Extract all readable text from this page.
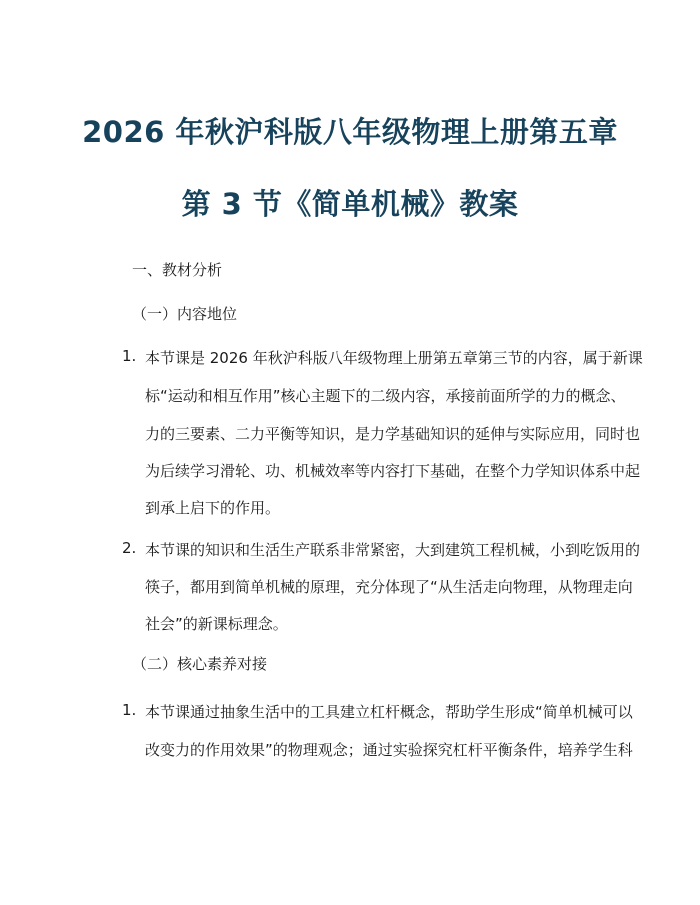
2026 年秋沪科版八年级物理上册第五章
第 3 节《简单机械》教案
一、教材分析
（一）内容地位
1. 本节课是 2026 年秋沪科版八年级物理上册第五章第三节的内容，属于新课
标“运动和相互作用”核心主题下的二级内容，承接前面所学的力的概念、
力的三要素、二力平衡等知识，是力学基础知识的延伸与实际应用，同时也
为后续学习滑轮、功、机械效率等内容打下基础，在整个力学知识体系中起
到承上启下的作用。
2. 本节课的知识和生活生产联系非常紧密，大到建筑工程机械，小到吃饭用的
筷子，都用到简单机械的原理，充分体现了“从生活走向物理，从物理走向
社会”的新课标理念。
（二）核心素养对接
1. 本节课通过抽象生活中的工具建立杠杆概念，帮助学生形成“简单机械可以
改变力的作用效果”的物理观念；通过实验探究杠杆平衡条件，培养学生科
